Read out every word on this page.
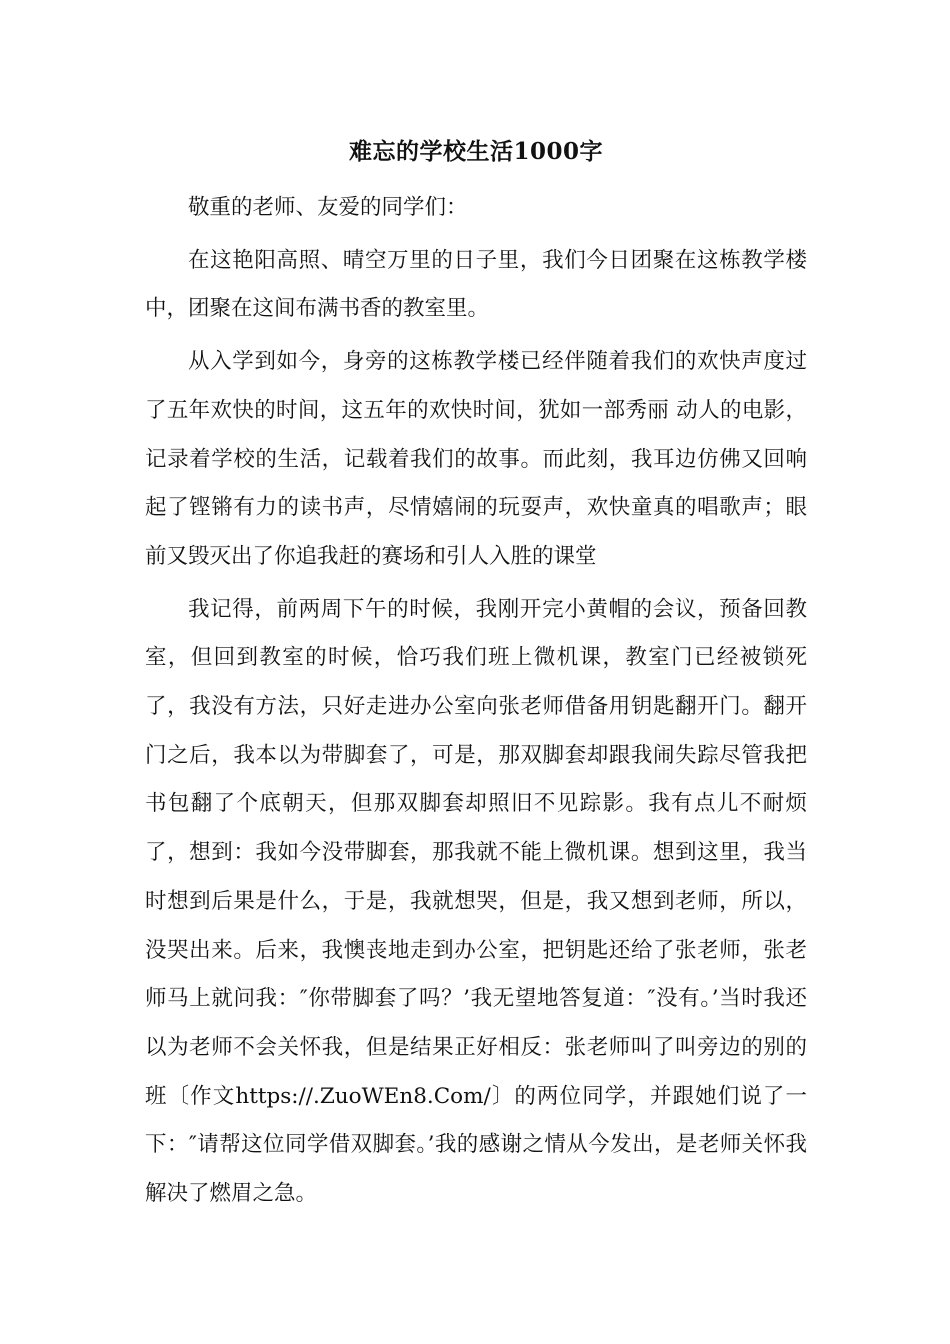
难忘的学校生活1000字

敬重的老师、友爱的同学们：

在这艳阳高照、晴空万里的日子里，我们今日团聚在这栋教学楼中，团聚在这间布满书香的教室里。

从入学到如今，身旁的这栋教学楼已经伴随着我们的欢快声度过了五年欢快的时间，这五年的欢快时间，犹如一部秀丽 动人的电影，记录着学校的生活，记载着我们的故事。而此刻，我耳边仿佛又回响起了铿锵有力的读书声，尽情嬉闹的玩耍声，欢快童真的唱歌声；眼前又毁灭出了你追我赶的赛场和引人入胜的课堂

我记得，前两周下午的时候，我刚开完小黄帽的会议，预备回教室，但回到教室的时候，恰巧我们班上微机课，教室门已经被锁死了，我没有方法，只好走进办公室向张老师借备用钥匙翻开门。翻开门之后，我本以为带脚套了，可是，那双脚套却跟我闹失踪尽管我把书包翻了个底朝天，但那双脚套却照旧不见踪影。我有点儿不耐烦了，想到：我如今没带脚套，那我就不能上微机课。想到这里，我当时想到后果是什么，于是，我就想哭，但是，我又想到老师，所以，没哭出来。后来，我懊丧地走到办公室，把钥匙还给了张老师，张老师马上就问我：″你带脚套了吗？’我无望地答复道：″没有。’当时我还以为老师不会关怀我，但是结果正好相反：张老师叫了叫旁边的别的班〔作文https://.ZuoWEn8.Com/〕的两位同学，并跟她们说了一下：″请帮这位同学借双脚套。’我的感谢之情从今发出，是老师关怀我解决了燃眉之急。
